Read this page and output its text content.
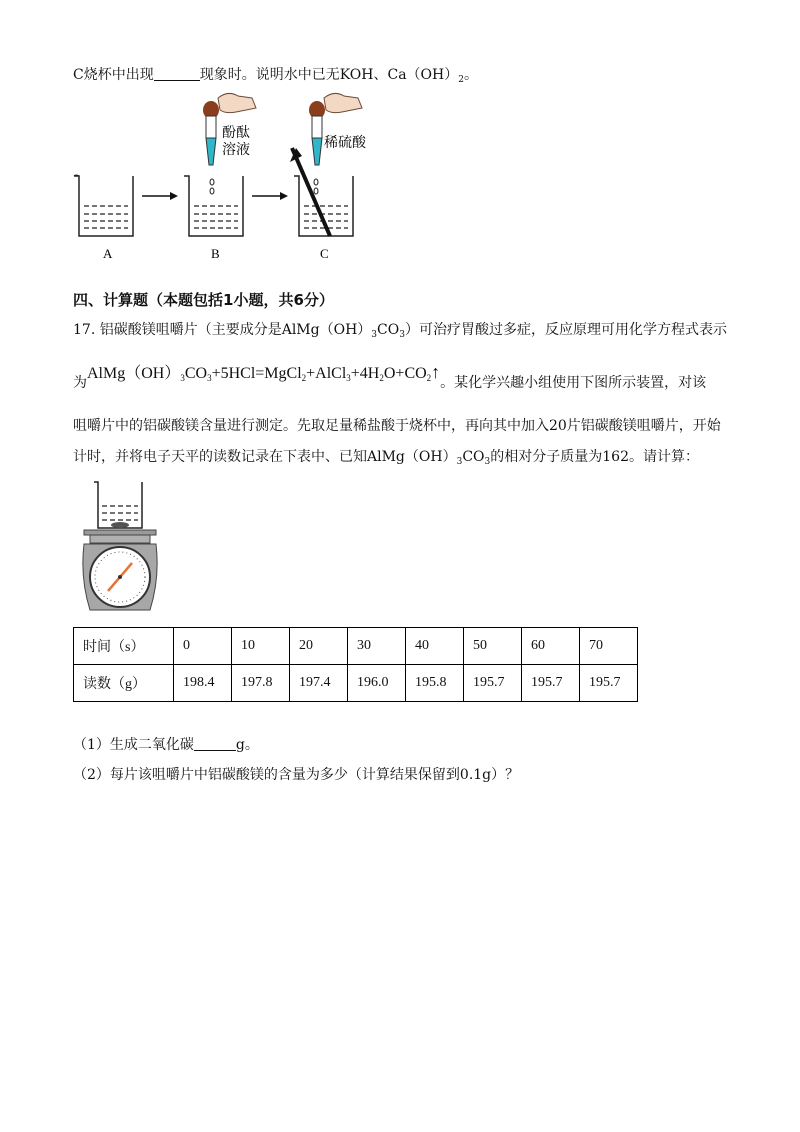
C烧杯中出现	现象时。说明水中已无KOH、$Ca(OH)_2$。
酚酞
溶液	稀硫酸
A	B	C
四、计算题（本题包括1小题，共6分）
17. 铝碳酸镁咀嚼片（主要成分是$AlMg(OH)_3CO_3$）可治疗胃酸过多症，反应原理可用化学方程式表示
为$AlMg(OH)_3CO_3+5HCl=MgCl_2+AlCl_3+4H_2O+CO_2↑$。某化学兴趣小组使用下图所示装置，对该
咀嚼片中的铝碳酸镁含量进行测定。先取足量稀盐酸于烧杯中，再向其中加入20片铝碳酸镁咀嚼片，开始
计时，并将电子天平的读数记录在下表中、已知$AlMg(OH)_3CO_3$的相对分子质量为162。请计算：
时间（s）	0	10	20	30	40	50	60	70
读数（g）	198.4	197.8	197.4	196.0	195.8	195.7	195.7	195.7
（1）生成二氧化碳	g。
（2）每片该咀嚼片中铝碳酸镁的含量为多少（计算结果保留到0.1g）？
